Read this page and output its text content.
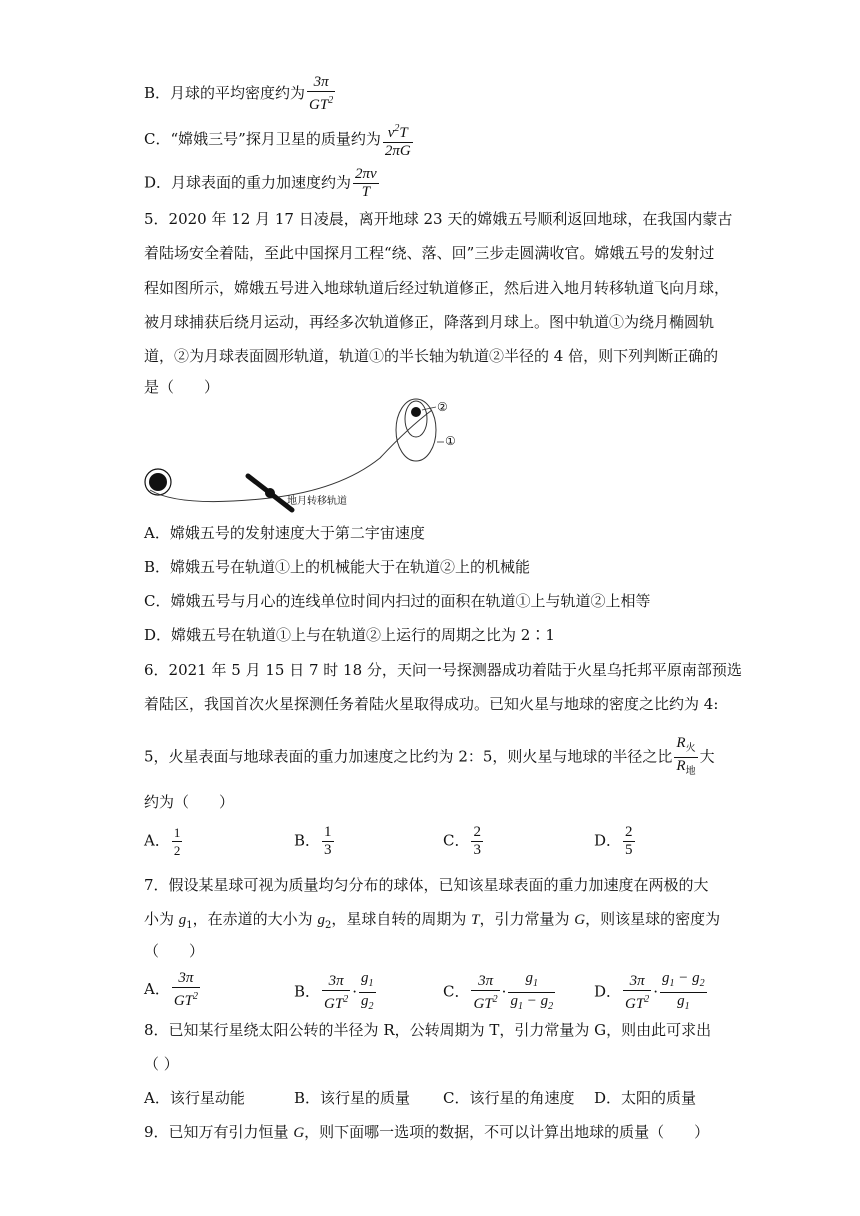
B．月球的平均密度约为 $\frac{3\pi}{GT^2}$
C．“嫦娥三号”探月卫星的质量约为 $\frac{v^2T}{2\pi G}$
D．月球表面的重力加速度约为 $\frac{2\pi v}{T}$
5．2020 年 12 月 17 日凌晨，离开地球 23 天的嫦娥五号顺利返回地球，在我国内蒙古
着陆场安全着陆，至此中国探月工程“绕、落、回”三步走圆满收官。嫦娥五号的发射过
程如图所示，嫦娥五号进入地球轨道后经过轨道修正，然后进入地月转移轨道飞向月球，
被月球捕获后绕月运动，再经多次轨道修正，降落到月球上。图中轨道①为绕月椭圆轨
道，②为月球表面圆形轨道，轨道①的半长轴为轨道②半径的 4 倍，则下列判断正确的
是（　　）
②
①
地月转移轨道
A．嫦娥五号的发射速度大于第二宇宙速度
B．嫦娥五号在轨道①上的机械能大于在轨道②上的机械能
C．嫦娥五号与月心的连线单位时间内扫过的面积在轨道①上与轨道②上相等
D．嫦娥五号在轨道①上与在轨道②上运行的周期之比为 2∶1
6．2021 年 5 月 15 日 7 时 18 分，天问一号探测器成功着陆于火星乌托邦平原南部预选
着陆区，我国首次火星探测任务着陆火星取得成功。已知火星与地球的密度之比约为 4:
5，火星表面与地球表面的重力加速度之比约为 2：5，则火星与地球的半径之比 $\frac{R_火}{R_地}$ 大
约为（　　）
A． $\frac{1}{2}$	B． $\frac{1}{3}$	C． $\frac{2}{3}$	D． $\frac{2}{5}$
7．假设某星球可视为质量均匀分布的球体，已知该星球表面的重力加速度在两极的大
小为 $g_1$，在赤道的大小为 $g_2$，星球自转的周期为 T，引力常量为 G，则该星球的密度为
（　　）
A． $\frac{3\pi}{GT^2}$	B． $\frac{3\pi}{GT^2} \cdot \frac{g_1}{g_2}$	C． $\frac{3\pi}{GT^2} \cdot \frac{g_1}{g_1 - g_2}$	D． $\frac{3\pi}{GT^2} \cdot \frac{g_1 - g_2}{g_1}$
8．已知某行星绕太阳公转的半径为 R，公转周期为 T，引力常量为 G，则由此可求出
（ ）
A．该行星动能	B．该行星的质量 C．该行星的角速度 D．太阳的质量
9．已知万有引力恒量 G，则下面哪一选项的数据，不可以计算出地球的质量（　　）
